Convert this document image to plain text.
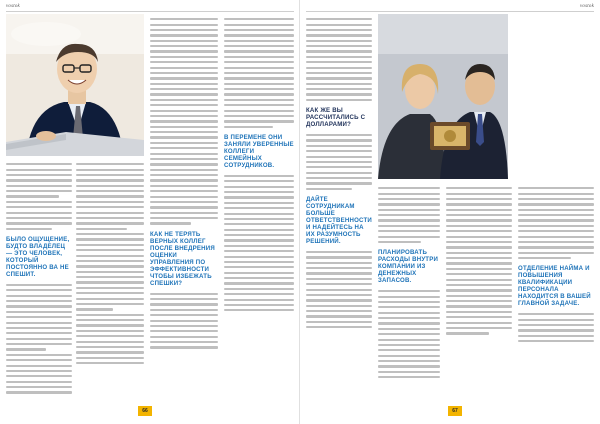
vostok
БЫЛО ОЩУЩЕНИЕ, БУДТО ВЛАДЕЛЕЦ — ЭТО ЧЕЛОВЕК, КОТОРЫЙ ПОСТОЯННО ВА НЕ СПЕШИТ.
КАК НЕ ТЕРЯТЬ ВЕРНЫХ КОЛЛЕГ ПОСЛЕ ВНЕДРЕНИЯ ОЦЕНКИ УПРАВЛЕНИЯ ПО ЭФФЕКТИВНОСТИ ЧТОБЫ ИЗБЕЖАТЬ СПЕШКИ?
В ПЕРЕМЕНЕ ОНИ ЗАНЯЛИ УВЕРЕННЫЕ КОЛЛЕГИ СЕМЕЙНЫХ СОТРУДНИКОВ.
66
vostok
КАК ЖЕ ВЫ РАССЧИТАЛИСЬ С ДОЛЛАРАМИ?
ДАЙТЕ СОТРУДНИКАМ БОЛЬШЕ ОТВЕТСТВЕННОСТИ И НАДЕЙТЕСЬ НА ИХ РАЗУМНОСТЬ РЕШЕНИЙ.
ПЛАНИРОВАТЬ РАСХОДЫ ВНУТРИ КОМПАНИИ ИЗ ДЕНЕЖНЫХ ЗАПАСОВ.
ОТДЕЛЕНИЕ НАЙМА И ПОВЫШЕНИЯ КВАЛИФИКАЦИИ ПЕРСОНАЛА НАХОДИТСЯ В ВАШЕЙ ГЛАВНОЙ ЗАДАЧЕ.
67
